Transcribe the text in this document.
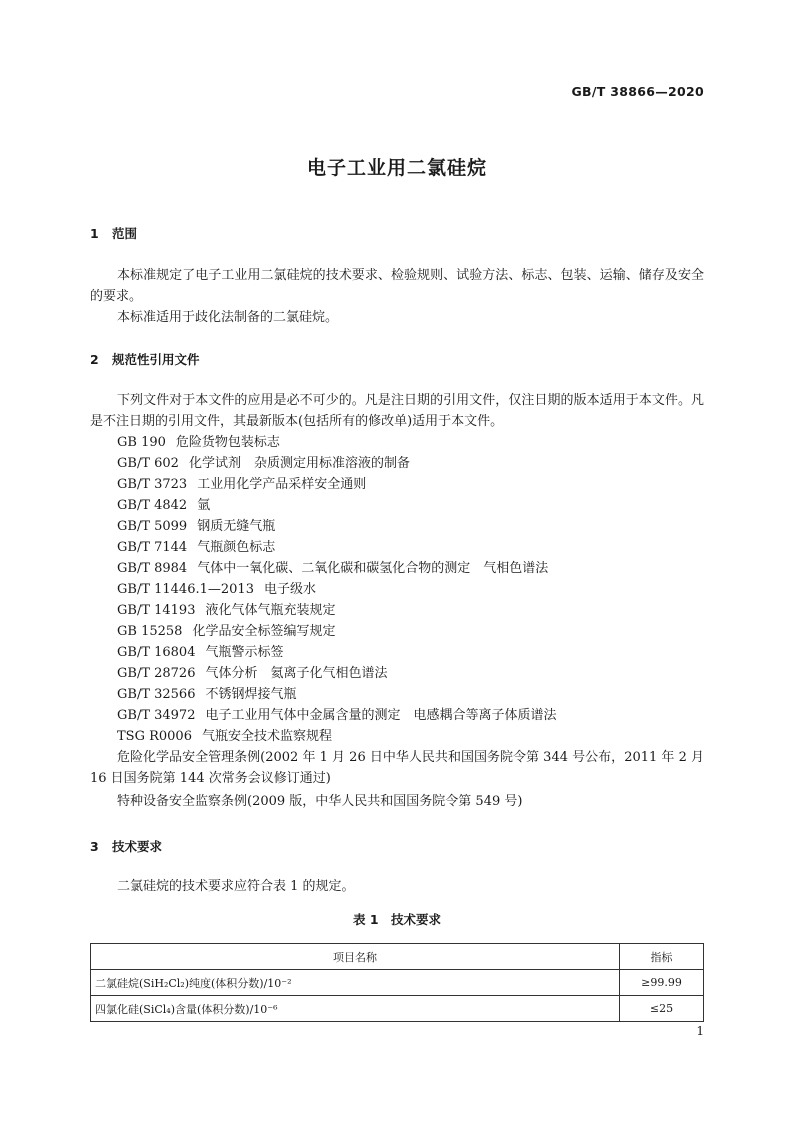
GB/T 38866—2020
电子工业用二氯硅烷
1 范围

本标准规定了电子工业用二氯硅烷的技术要求、检验规则、试验方法、标志、包装、运输、储存及安全的要求。

本标准适用于歧化法制备的二氯硅烷。

2 规范性引用文件

下列文件对于本文件的应用是必不可少的。凡是注日期的引用文件，仅注日期的版本适用于本文件。凡是不注日期的引用文件，其最新版本(包括所有的修改单)适用于本文件。

GB 190 危险货物包装标志
GB/T 602 化学试剂　杂质测定用标准溶液的制备
GB/T 3723 工业用化学产品采样安全通则
GB/T 4842 氩
GB/T 5099 钢质无缝气瓶
GB/T 7144 气瓶颜色标志
GB/T 8984 气体中一氧化碳、二氧化碳和碳氢化合物的测定　气相色谱法
GB/T 11446.1—2013 电子级水
GB/T 14193 液化气体气瓶充装规定
GB 15258 化学品安全标签编写规定
GB/T 16804 气瓶警示标签
GB/T 28726 气体分析　氦离子化气相色谱法
GB/T 32566 不锈钢焊接气瓶
GB/T 34972 电子工业用气体中金属含量的测定　电感耦合等离子体质谱法
TSG R0006 气瓶安全技术监察规程

危险化学品安全管理条例(2002 年 1 月 26 日中华人民共和国国务院令第 344 号公布，2011 年 2 月 16 日国务院第 144 次常务会议修订通过)

特种设备安全监察条例(2009 版，中华人民共和国国务院令第 549 号)

3 技术要求

二氯硅烷的技术要求应符合表 1 的规定。

表 1　技术要求
项目名称	指标
二氯硅烷(SiH₂Cl₂)纯度(体积分数)/10⁻²	≥99.99
四氯化硅(SiCl₄)含量(体积分数)/10⁻⁶	≤25
1
